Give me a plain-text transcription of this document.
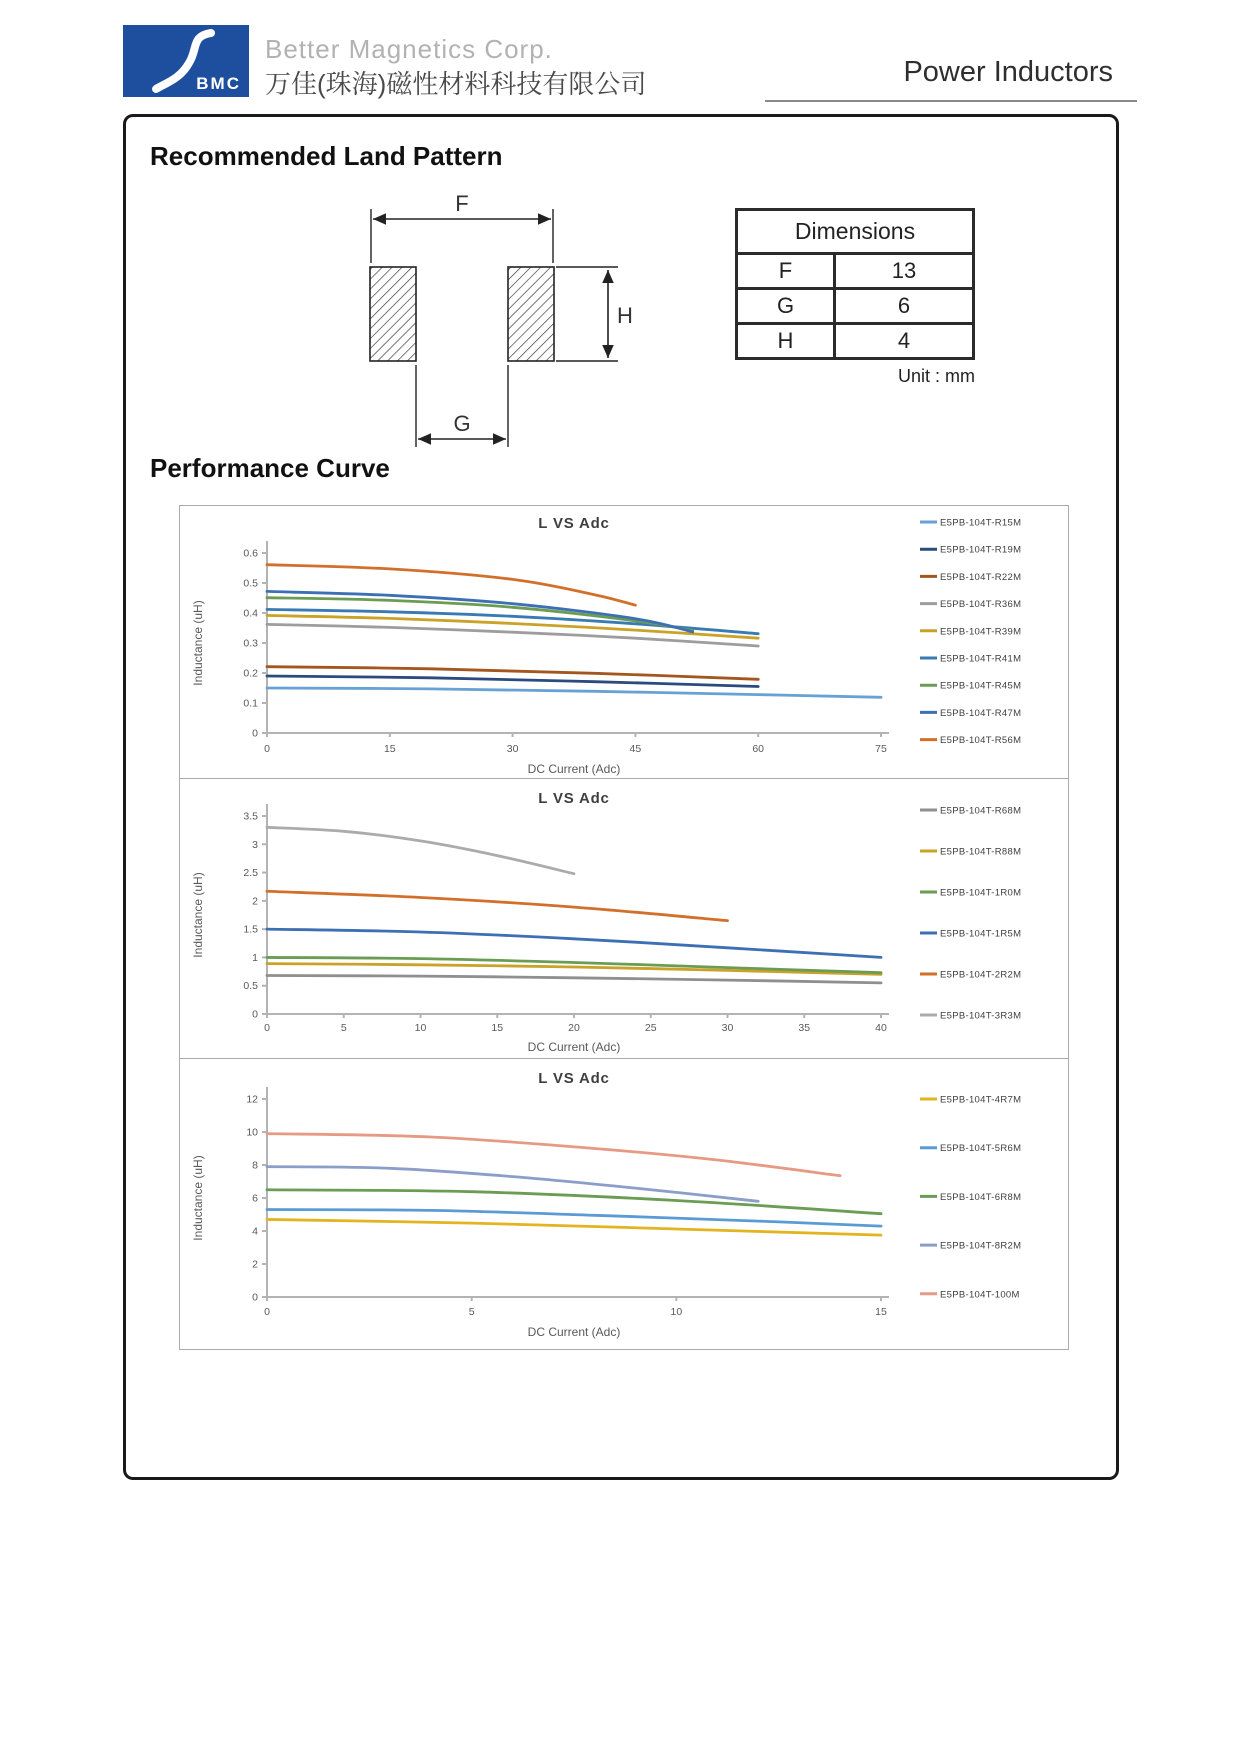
BMC
Better Magnetics Corp.
万佳(珠海)磁性材料科技有限公司	Power Inductors
Recommended Land Pattern
F
H
G
Dimensions	
F	13
G	6
H	4
Unit : mm
Performance Curve
L VS Adc
0
0.1
0.2
0.3
0.4
0.5
0.6
0	15	30	45	60	75
DC Current (Adc)
Inductance (uH)
E5PB-104T-R15M
E5PB-104T-R19M
E5PB-104T-R22M
E5PB-104T-R36M
E5PB-104T-R39M
E5PB-104T-R41M
E5PB-104T-R45M
E5PB-104T-R47M
E5PB-104T-R56M
L VS Adc
0
0.5
1
1.5
2
2.5
3
3.5
0	5	10	15	20	25	30	35	40
DC Current (Adc)
Inductance (uH)
E5PB-104T-R68M
E5PB-104T-R88M
E5PB-104T-1R0M
E5PB-104T-1R5M
E5PB-104T-2R2M
E5PB-104T-3R3M
L VS Adc
0
2
4
6
8
10
12
0	5	10	15
DC Current (Adc)
Inductance (uH)
E5PB-104T-4R7M
E5PB-104T-5R6M
E5PB-104T-6R8M
E5PB-104T-8R2M
E5PB-104T-100M
